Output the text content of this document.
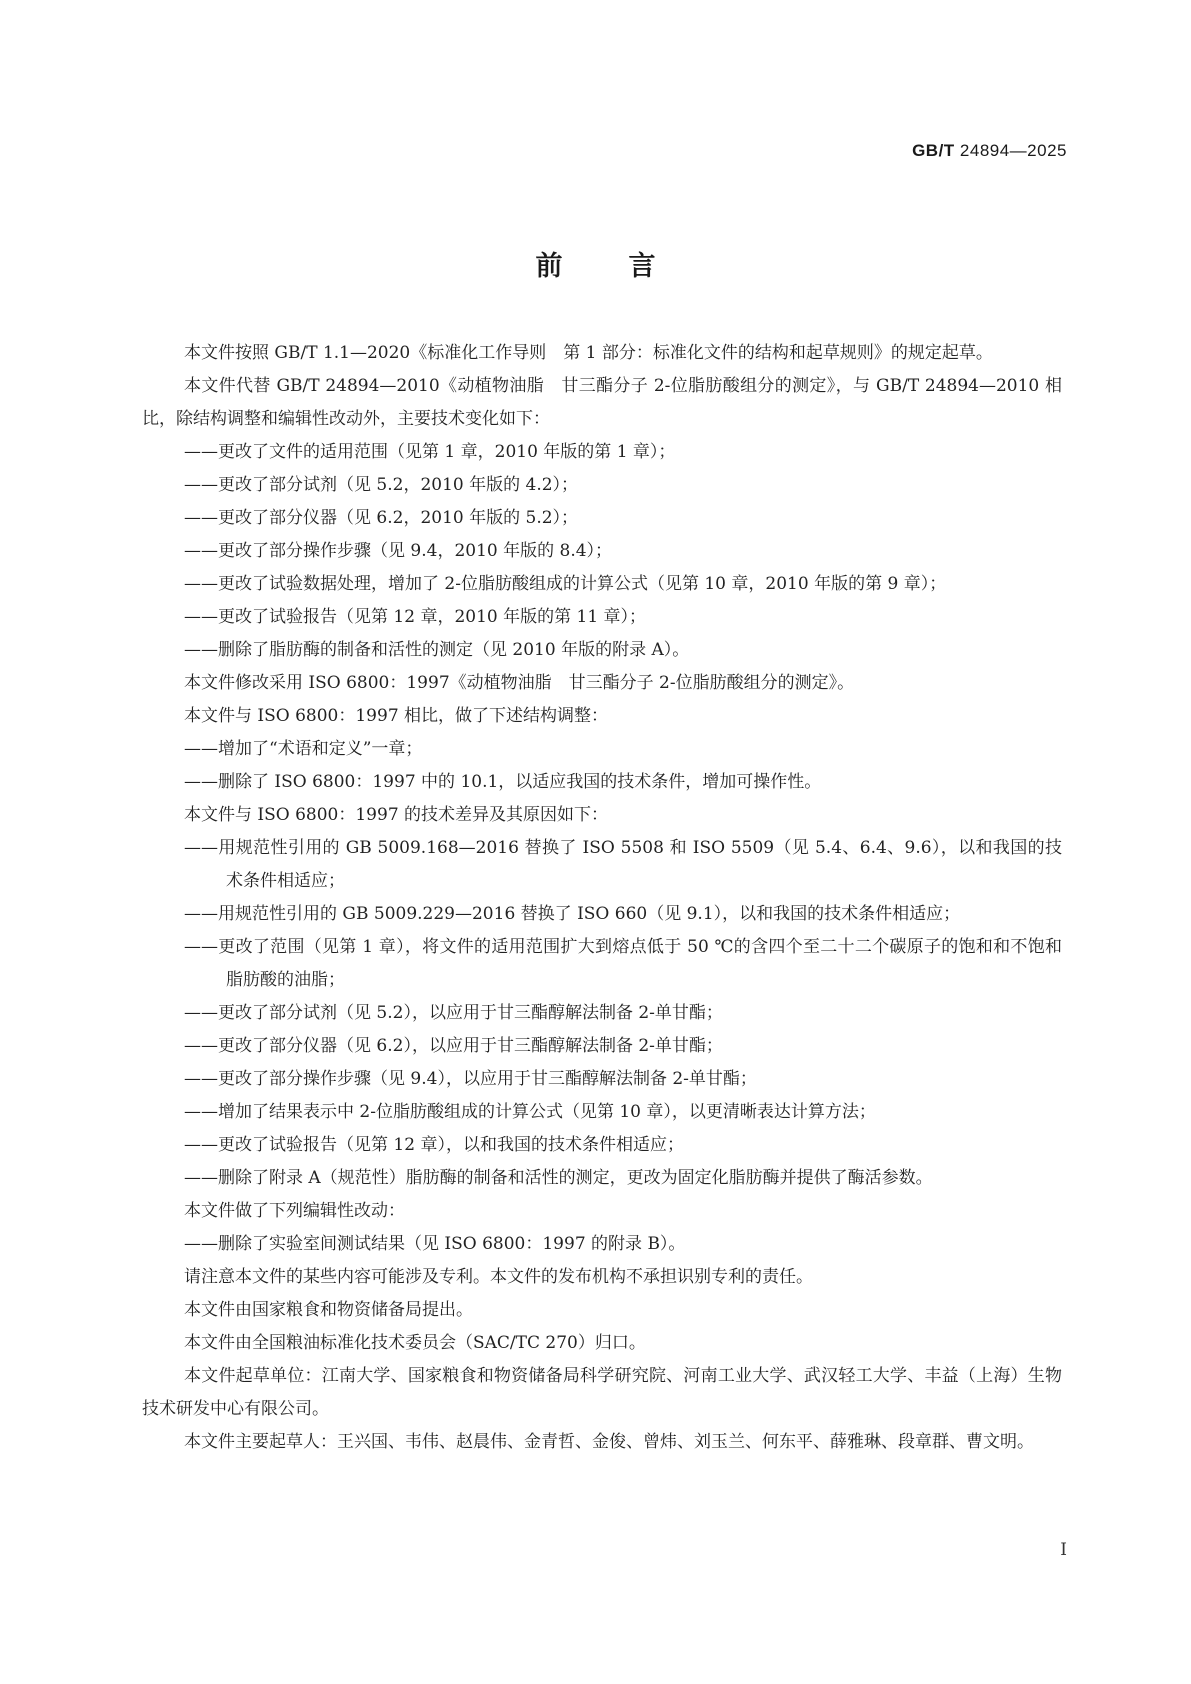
GB/T 24894—2025
前言

本文件按照 GB/T 1.1—2020《标准化工作导则　第 1 部分：标准化文件的结构和起草规则》的规定起草。

本文件代替 GB/T 24894—2010《动植物油脂　甘三酯分子 2-位脂肪酸组分的测定》，与 GB/T 24894—2010 相比，除结构调整和编辑性改动外，主要技术变化如下：

——更改了文件的适用范围（见第 1 章，2010 年版的第 1 章）；

——更改了部分试剂（见 5.2，2010 年版的 4.2）；

——更改了部分仪器（见 6.2，2010 年版的 5.2）；

——更改了部分操作步骤（见 9.4，2010 年版的 8.4）；

——更改了试验数据处理，增加了 2-位脂肪酸组成的计算公式（见第 10 章，2010 年版的第 9 章）；

——更改了试验报告（见第 12 章，2010 年版的第 11 章）；

——删除了脂肪酶的制备和活性的测定（见 2010 年版的附录 A）。

本文件修改采用 ISO 6800：1997《动植物油脂　甘三酯分子 2-位脂肪酸组分的测定》。

本文件与 ISO 6800：1997 相比，做了下述结构调整：

——增加了“术语和定义”一章；

——删除了 ISO 6800：1997 中的 10.1，以适应我国的技术条件，增加可操作性。

本文件与 ISO 6800：1997 的技术差异及其原因如下：

——用规范性引用的 GB 5009.168—2016 替换了 ISO 5508 和 ISO 5509（见 5.4、6.4、9.6），以和我国的技术条件相适应；

——用规范性引用的 GB 5009.229—2016 替换了 ISO 660（见 9.1），以和我国的技术条件相适应；

——更改了范围（见第 1 章），将文件的适用范围扩大到熔点低于 50 ℃的含四个至二十二个碳原子的饱和和不饱和脂肪酸的油脂；

——更改了部分试剂（见 5.2），以应用于甘三酯醇解法制备 2-单甘酯；

——更改了部分仪器（见 6.2），以应用于甘三酯醇解法制备 2-单甘酯；

——更改了部分操作步骤（见 9.4），以应用于甘三酯醇解法制备 2-单甘酯；

——增加了结果表示中 2-位脂肪酸组成的计算公式（见第 10 章），以更清晰表达计算方法；

——更改了试验报告（见第 12 章），以和我国的技术条件相适应；

——删除了附录 A（规范性）脂肪酶的制备和活性的测定，更改为固定化脂肪酶并提供了酶活参数。

本文件做了下列编辑性改动：

——删除了实验室间测试结果（见 ISO 6800：1997 的附录 B）。

请注意本文件的某些内容可能涉及专利。本文件的发布机构不承担识别专利的责任。

本文件由国家粮食和物资储备局提出。

本文件由全国粮油标准化技术委员会（SAC/TC 270）归口。

本文件起草单位：江南大学、国家粮食和物资储备局科学研究院、河南工业大学、武汉轻工大学、丰益（上海）生物技术研发中心有限公司。

本文件主要起草人：王兴国、韦伟、赵晨伟、金青哲、金俊、曾炜、刘玉兰、何东平、薛雅琳、段章群、曹文明。

Ⅰ
